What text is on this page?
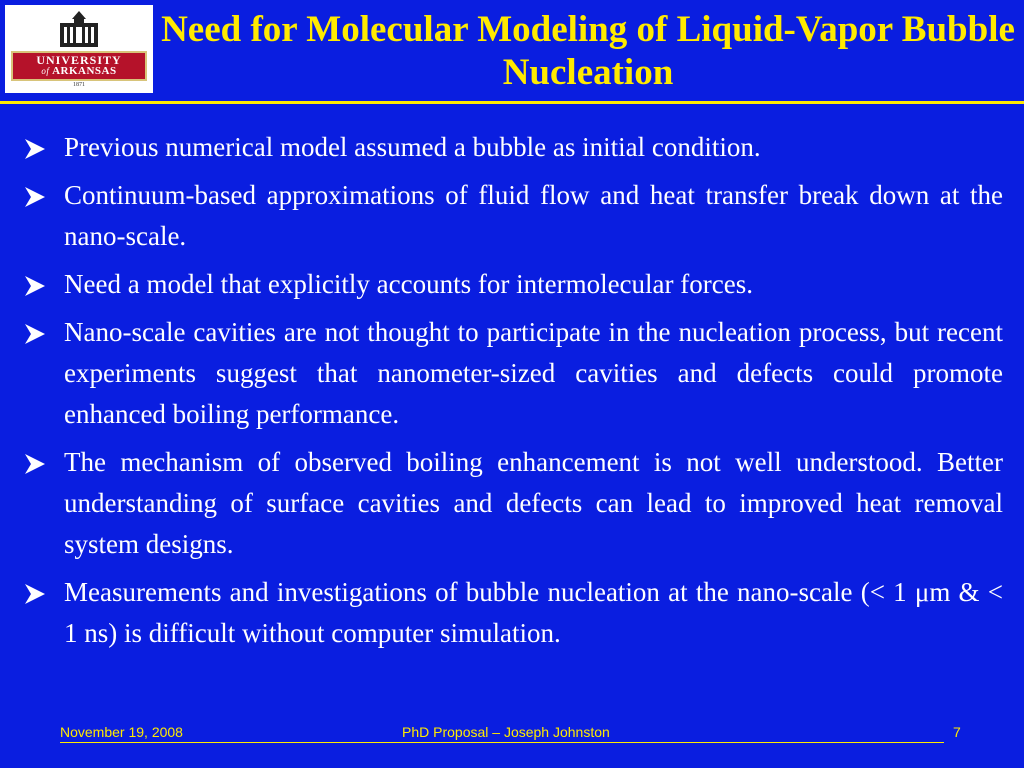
UNIVERSITY
of ARKANSAS
1871
Need for Molecular Modeling of Liquid-Vapor Bubble Nucleation
Previous numerical model assumed a bubble as initial condition.
Continuum-based approximations of fluid flow and heat transfer break down at the nano-scale.
Need a model that explicitly accounts for intermolecular forces.
Nano-scale cavities are not thought to participate in the nucleation process, but recent experiments suggest that nanometer-sized cavities and defects could promote enhanced boiling performance.
The mechanism of observed boiling enhancement is not well understood. Better understanding of surface cavities and defects can lead to improved heat removal system designs.
Measurements and investigations of bubble nucleation at the nano-scale (< 1 μm & < 1 ns) is difficult without computer simulation.
November 19, 2008	PhD Proposal – Joseph Johnston	7
